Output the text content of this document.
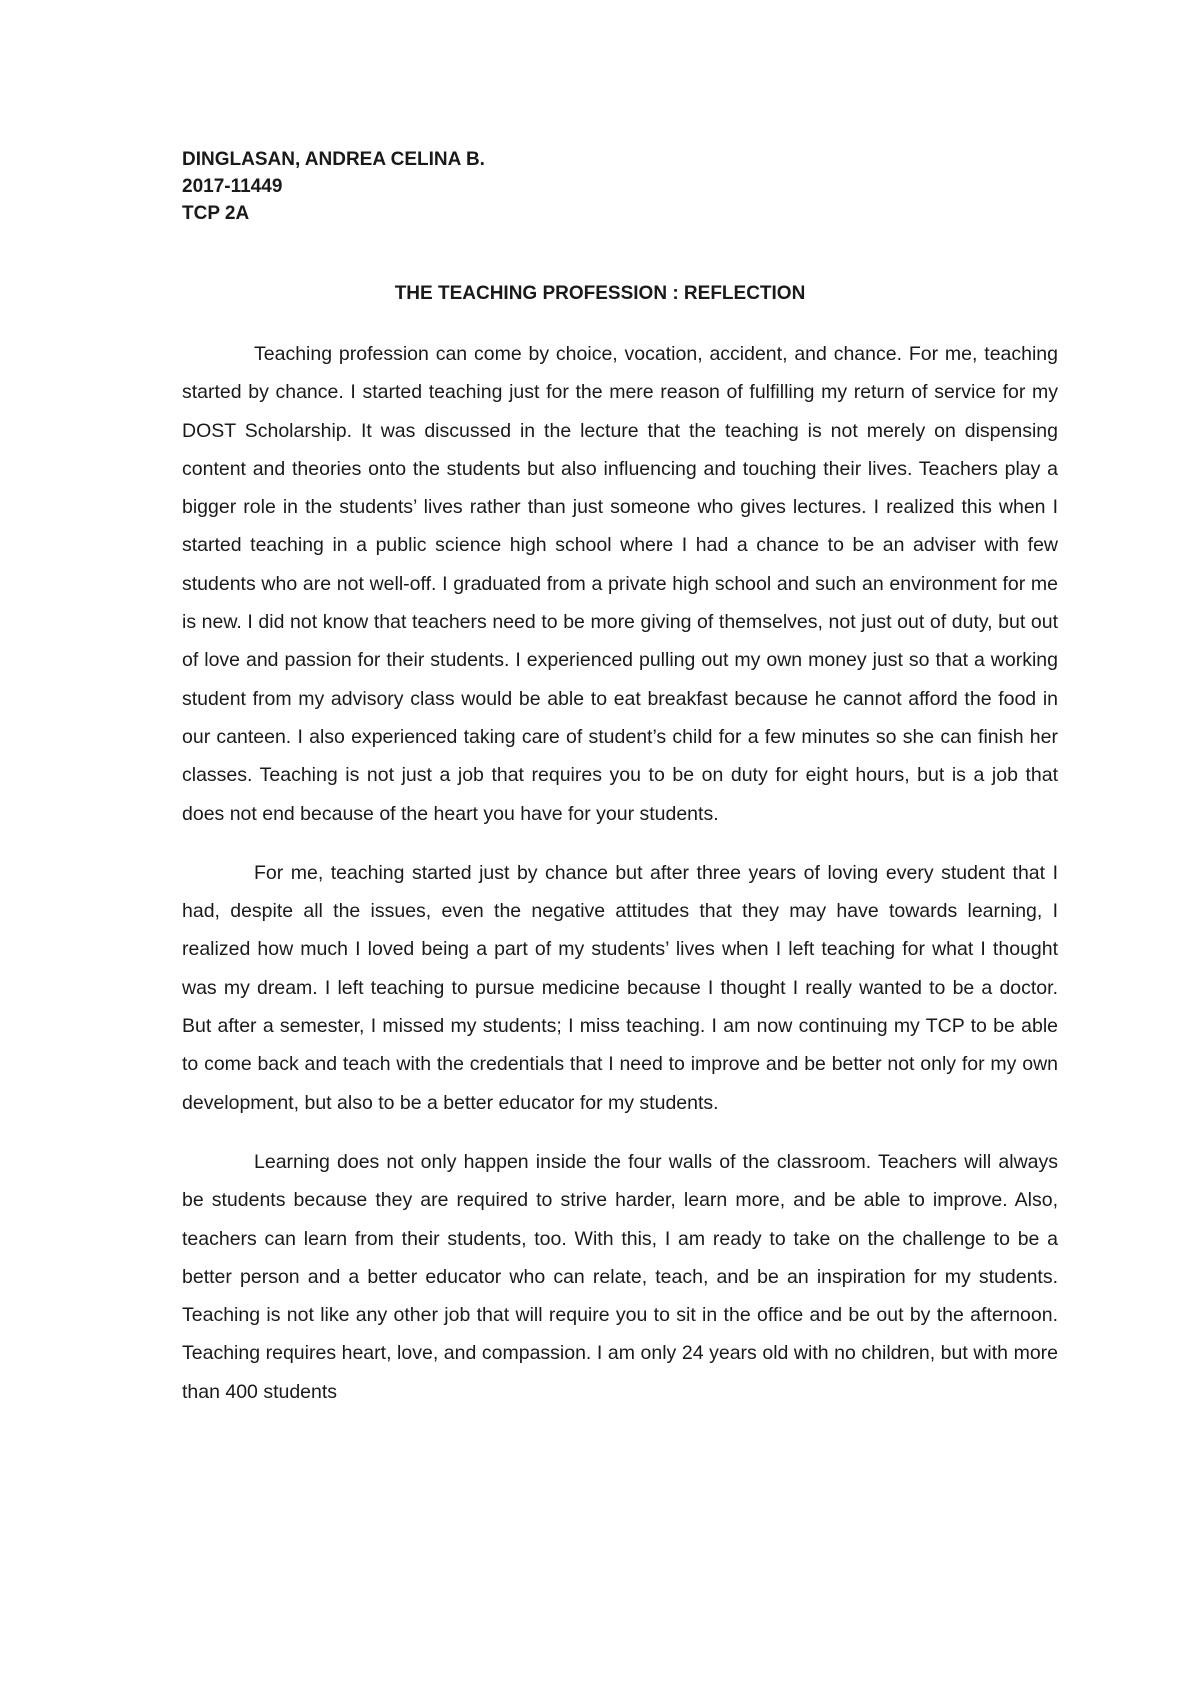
DINGLASAN, ANDREA CELINA B.
2017-11449
TCP 2A
THE TEACHING PROFESSION : REFLECTION

Teaching profession can come by choice, vocation, accident, and chance. For me, teaching started by chance. I started teaching just for the mere reason of fulfilling my return of service for my DOST Scholarship. It was discussed in the lecture that the teaching is not merely on dispensing content and theories onto the students but also influencing and touching their lives. Teachers play a bigger role in the students’ lives rather than just someone who gives lectures. I realized this when I started teaching in a public science high school where I had a chance to be an adviser with few students who are not well-off. I graduated from a private high school and such an environment for me is new. I did not know that teachers need to be more giving of themselves, not just out of duty, but out of love and passion for their students. I experienced pulling out my own money just so that a working student from my advisory class would be able to eat breakfast because he cannot afford the food in our canteen. I also experienced taking care of student’s child for a few minutes so she can finish her classes. Teaching is not just a job that requires you to be on duty for eight hours, but is a job that does not end because of the heart you have for your students.

For me, teaching started just by chance but after three years of loving every student that I had, despite all the issues, even the negative attitudes that they may have towards learning, I realized how much I loved being a part of my students’ lives when I left teaching for what I thought was my dream. I left teaching to pursue medicine because I thought I really wanted to be a doctor. But after a semester, I missed my students; I miss teaching. I am now continuing my TCP to be able to come back and teach with the credentials that I need to improve and be better not only for my own development, but also to be a better educator for my students.

Learning does not only happen inside the four walls of the classroom. Teachers will always be students because they are required to strive harder, learn more, and be able to improve. Also, teachers can learn from their students, too. With this, I am ready to take on the challenge to be a better person and a better educator who can relate, teach, and be an inspiration for my students. Teaching is not like any other job that will require you to sit in the office and be out by the afternoon. Teaching requires heart, love, and compassion. I am only 24 years old with no children, but with more than 400 students
